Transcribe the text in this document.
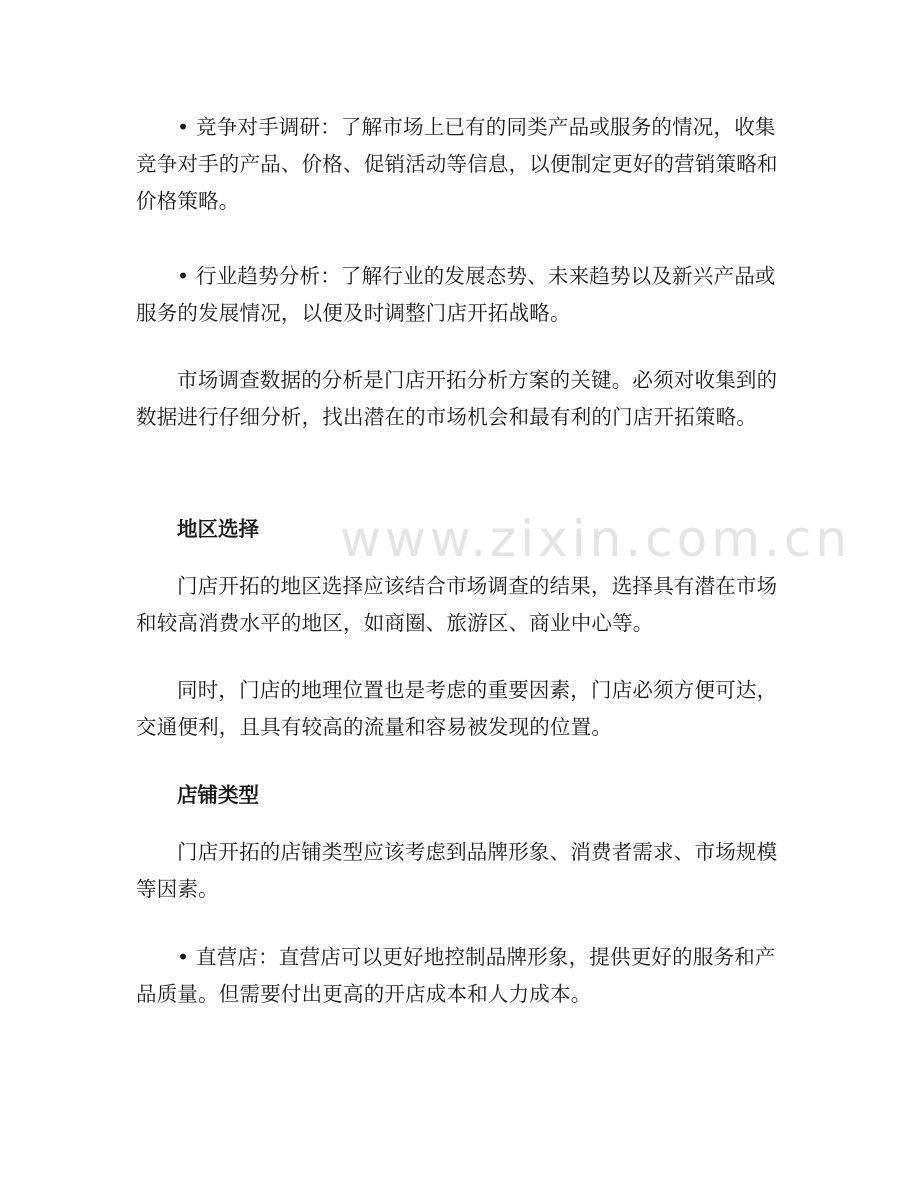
www.zixin.com.cn

• 竞争对手调研：了解市场上已有的同类产品或服务的情况，收集竞争对手的产品、价格、促销活动等信息，以便制定更好的营销策略和价格策略。

• 行业趋势分析：了解行业的发展态势、未来趋势以及新兴产品或服务的发展情况，以便及时调整门店开拓战略。

市场调查数据的分析是门店开拓分析方案的关键。必须对收集到的数据进行仔细分析，找出潜在的市场机会和最有利的门店开拓策略。

地区选择

门店开拓的地区选择应该结合市场调查的结果，选择具有潜在市场和较高消费水平的地区，如商圈、旅游区、商业中心等。

同时，门店的地理位置也是考虑的重要因素，门店必须方便可达，交通便利，且具有较高的流量和容易被发现的位置。

店铺类型

门店开拓的店铺类型应该考虑到品牌形象、消费者需求、市场规模等因素。

• 直营店：直营店可以更好地控制品牌形象，提供更好的服务和产品质量。但需要付出更高的开店成本和人力成本。
